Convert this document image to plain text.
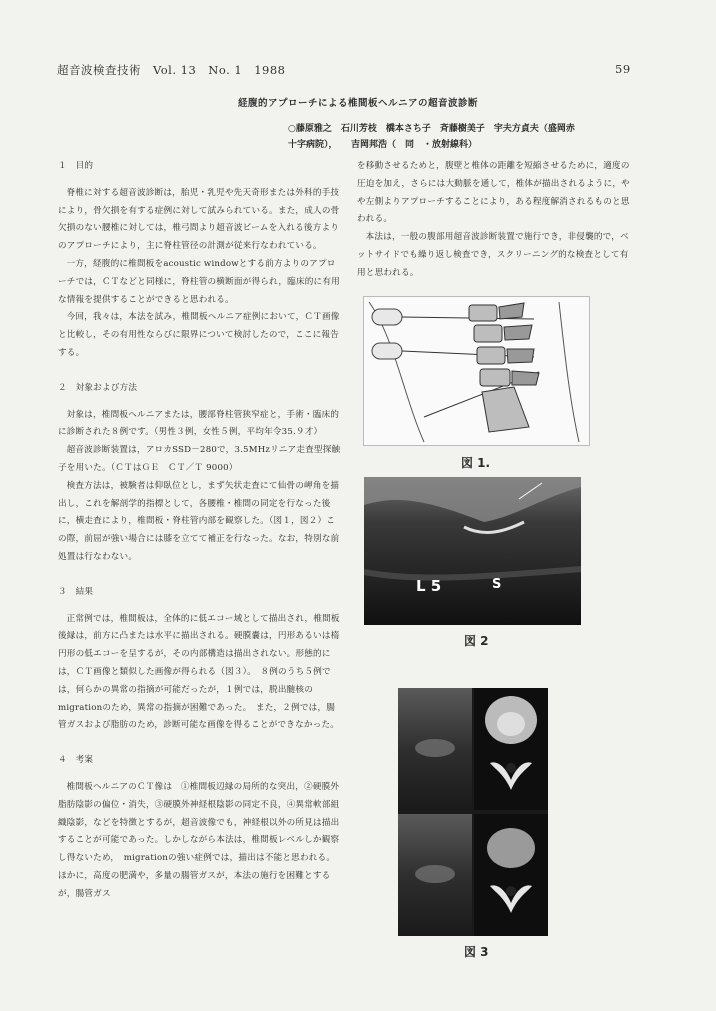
超音波検査技術　Vol. 13　No. 1　1988	59
経腹的アプローチによる椎間板ヘルニアの超音波診断
○藤原雅之　石川芳枝　橋本さち子　斉藤樹美子　宇夫方貞夫（盛岡赤
十字病院），　　吉岡邦浩（　同　・放射線科）

１　目的

脊椎に対する超音波診断は，胎児・乳児や先天奇形または外科的手技により，骨欠損を有する症例に対して試みられている。また，成人の骨欠損のない腰椎に対しては，椎弓間より超音波ビームを入れる後方よりのアプローチにより，主に脊柱管径の計測が従来行なわれている。

一方，経腹的に椎間板をacoustic windowとする前方よりのアプローチでは，ＣＴなどと同様に，脊柱管の横断面が得られ，臨床的に有用な情報を提供することができると思われる。

今回，我々は，本法を試み，椎間板ヘルニア症例において，ＣＴ画像と比較し，その有用性ならびに限界について検討したので，ここに報告する。

２　対象および方法

対象は，椎間板ヘルニアまたは，腰部脊柱管狭窄症と，手術・臨床的に診断された８例です。（男性３例，女性５例，平均年令35.９才）

超音波診断装置は，アロカSSD－280で，3.5MHzリニア走査型探触子を用いた。（ＣＴはＧＥ　ＣＴ／Ｔ 9000）

検査方法は，被験者は仰臥位とし，まず矢状走査にて仙骨の岬角を描出し，これを解剖学的指標として，各腰椎・椎間の同定を行なった後に，横走査により，椎間板・脊柱管内部を観察した。（図１，図２）この際，前屈が強い場合には膝を立てて補正を行なった。なお，特別な前処置は行なわない。

３　結果

正常例では，椎間板は，全体的に低エコー域として描出され，椎間板後縁は，前方に凸または水平に描出される。硬膜嚢は，円形あるいは楕円形の低エコーを呈するが，その内部構造は描出されない。形態的には，ＣＴ画像と類似した画像が得られる（図３）。　８例のうち５例では，何らかの異常の指摘が可能だったが，１例では，脱出髄核のmigrationのため，異常の指摘が困難であった。　また，２例では，腸管ガスおよび脂肪のため，診断可能な画像を得ることができなかった。

４　考案

椎間板ヘルニアのＣＴ像は　①椎間板辺縁の局所的な突出，②硬膜外脂肪陰影の偏位・消失，③硬膜外神経根陰影の同定不良，④異常軟部組織陰影，などを特徴とするが，超音波像でも，神経根以外の所見は描出することが可能であった。しかしながら本法は，椎間板レベルしか観察し得ないため，　migrationの強い症例では，描出は不能と思われる。ほかに，高度の肥満や，多量の腸管ガスが，本法の施行を困難とするが，腸管ガス

を移動させるためと，腹壁と椎体の距離を短縮させるために，適度の圧迫を加え，さらには大動脈を通して，椎体が描出されるように，やや左側よりアプローチすることにより，ある程度解消されるものと思われる。

本法は，一般の腹部用超音波診断装置で施行でき，非侵襲的で，ベットサイドでも繰り返し検査でき，スクリーニング的な検査として有用と思われる。

図 1.
L 5	S
図 2
図 3
